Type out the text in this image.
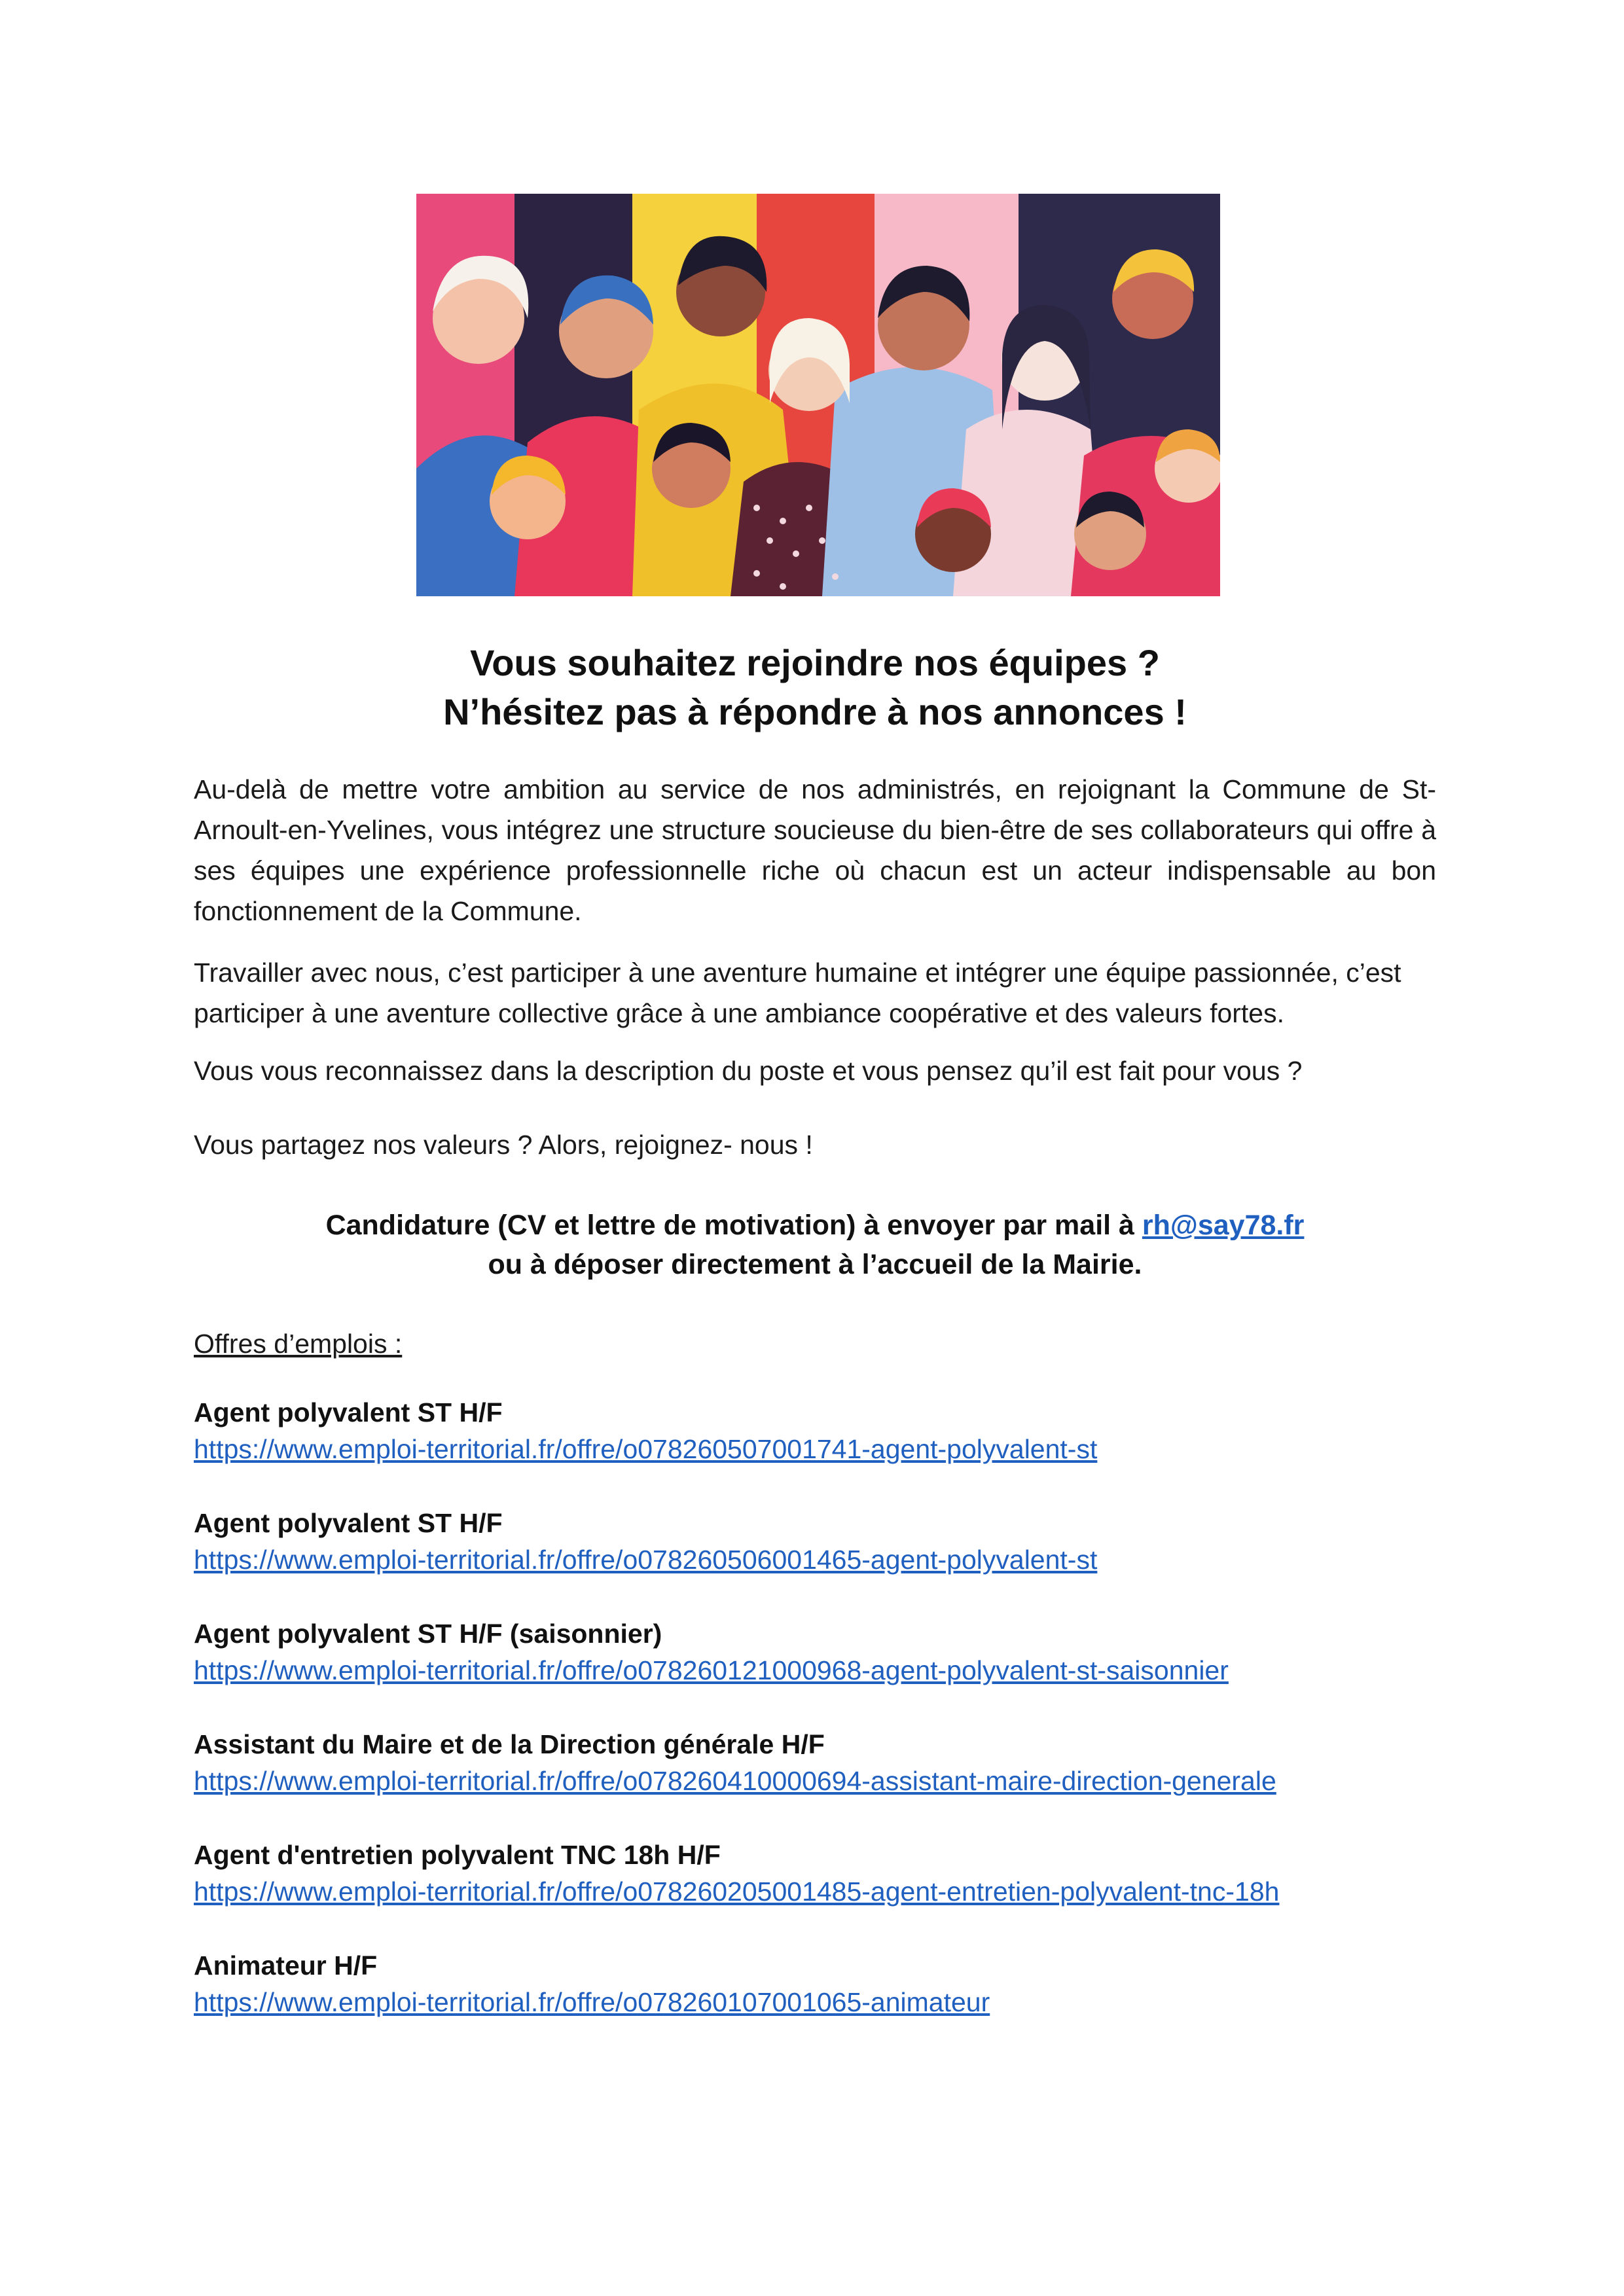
Vous souhaitez rejoindre nos équipes ?
N’hésitez pas à répondre à nos annonces !
Au-delà de mettre votre ambition au service de nos administrés, en rejoignant la Commune de St-Arnoult-en-Yvelines, vous intégrez une structure soucieuse du bien-être de ses collaborateurs qui offre à ses équipes une expérience professionnelle riche où chacun est un acteur indispensable au bon fonctionnement de la Commune.
Travailler avec nous, c’est participer à une aventure humaine et intégrer une équipe passionnée, c’est participer à une aventure collective grâce à une ambiance coopérative et des valeurs fortes.
Vous vous reconnaissez dans la description du poste et vous pensez qu’il est fait pour vous ?
Vous partagez nos valeurs ? Alors, rejoignez- nous !
Candidature (CV et lettre de motivation) à envoyer par mail à rh@say78.fr
ou à déposer directement à l’accueil de la Mairie.
Offres d’emplois :
Agent polyvalent ST H/F
https://www.emploi-territorial.fr/offre/o078260507001741-agent-polyvalent-st
Agent polyvalent ST H/F
https://www.emploi-territorial.fr/offre/o078260506001465-agent-polyvalent-st
Agent polyvalent ST H/F (saisonnier)
https://www.emploi-territorial.fr/offre/o078260121000968-agent-polyvalent-st-saisonnier
Assistant du Maire et de la Direction générale H/F
https://www.emploi-territorial.fr/offre/o078260410000694-assistant-maire-direction-generale
Agent d'entretien polyvalent TNC 18h H/F
https://www.emploi-territorial.fr/offre/o078260205001485-agent-entretien-polyvalent-tnc-18h
Animateur H/F
https://www.emploi-territorial.fr/offre/o078260107001065-animateur
